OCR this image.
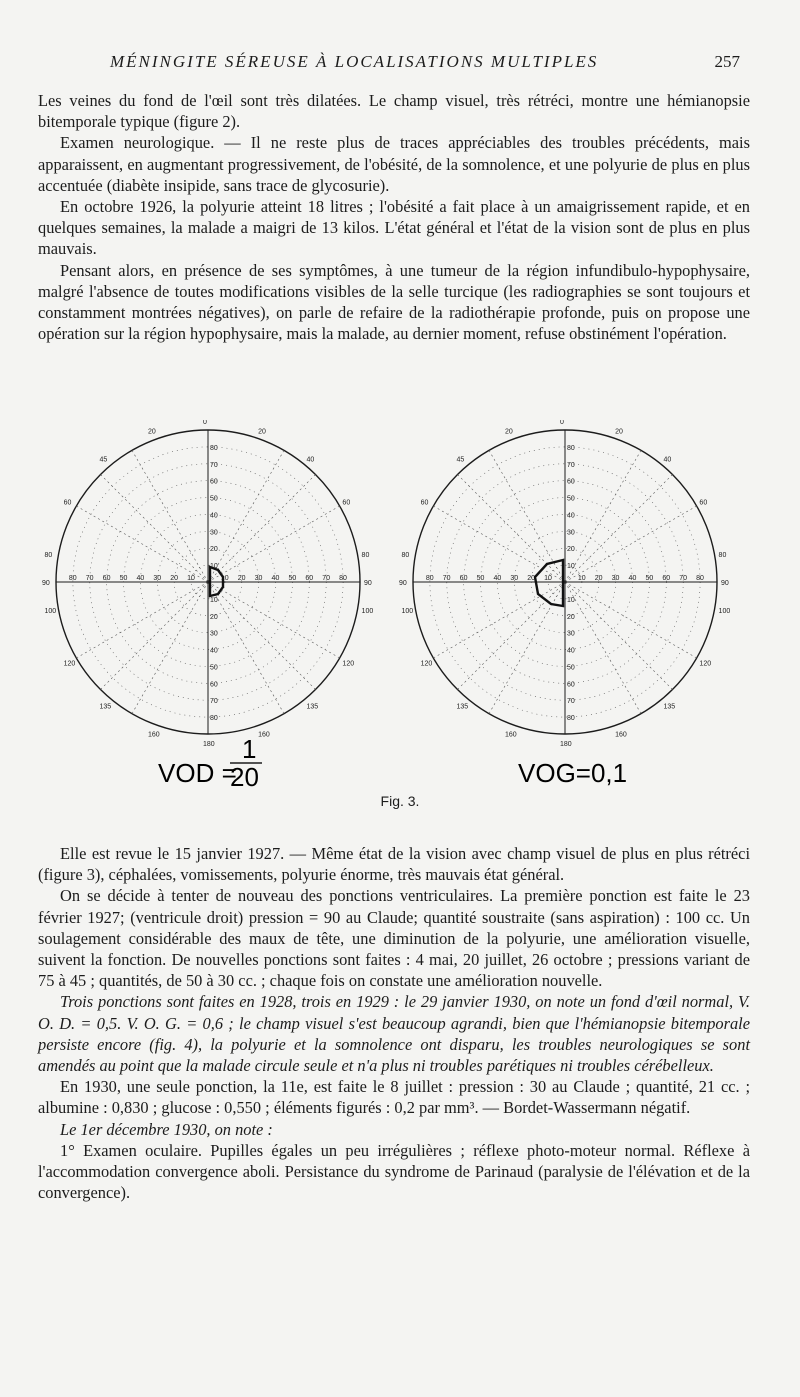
MÉNINGITE SÉREUSE À LOCALISATIONS MULTIPLES	257
Les veines du fond de l'œil sont très dilatées. Le champ visuel, très rétréci, montre une hémianopsie bitemporale typique (figure 2).
Examen neurologique. — Il ne reste plus de traces appréciables des troubles précédents, mais apparaissent, en augmentant progressivement, de l'obésité, de la somnolence, et une polyurie de plus en plus accentuée (diabète insipide, sans trace de glycosurie).
En octobre 1926, la polyurie atteint 18 litres ; l'obésité a fait place à un amaigrissement rapide, et en quelques semaines, la malade a maigri de 13 kilos. L'état général et l'état de la vision sont de plus en plus mauvais.
Pensant alors, en présence de ses symptômes, à une tumeur de la région infundibulo-hypophysaire, malgré l'absence de toutes modifications visibles de la selle turcique (les radiographies se sont toujours et constamment montrées négatives), on parle de refaire de la radiothérapie profonde, puis on propose une opération sur la région hypophysaire, mais la malade, au dernier moment, refuse obstinément l'opération.
10
10
10	10
20
20
20	20
30
30
30	30
40
40
40	40
50
50
50	50
60
60
60	60
70
70
70	70
80
80
80	80
0
20
40
60
80
90
100
120
135
160
180
160
135
120
100
90
80
60
45
20
10
10
10	10
20
20
20	20
30
30
30	30
40
40
40	40
50
50
50	50
60
60
60	60
70
70
70	70
80
80
80	80
0
20
40
60
80
90
100
120
135
160
180
160
135
120
100
90
80
60
45
20
VOD =
1
20	VOG=0,1
Fig. 3.
Elle est revue le 15 janvier 1927. — Même état de la vision avec champ visuel de plus en plus rétréci (figure 3), céphalées, vomissements, polyurie énorme, très mauvais état général.
On se décide à tenter de nouveau des ponctions ventriculaires. La première ponction est faite le 23 février 1927; (ventricule droit) pression = 90 au Claude; quantité soustraite (sans aspiration) : 100 cc. Un soulagement considérable des maux de tête, une diminution de la polyurie, une amélioration visuelle, suivent la fonction. De nouvelles ponctions sont faites : 4 mai, 20 juillet, 26 octobre ; pressions variant de 75 à 45 ; quantités, de 50 à 30 cc. ; chaque fois on constate une amélioration nouvelle.
Trois ponctions sont faites en 1928, trois en 1929 : le 29 janvier 1930, on note un fond d'œil normal, V. O. D. = 0,5. V. O. G. = 0,6 ; le champ visuel s'est beaucoup agrandi, bien que l'hémianopsie bitemporale persiste encore (fig. 4), la polyurie et la somnolence ont disparu, les troubles neurologiques se sont amendés au point que la malade circule seule et n'a plus ni troubles parétiques ni troubles cérébelleux.
En 1930, une seule ponction, la 11e, est faite le 8 juillet : pression : 30 au Claude ; quantité, 21 cc. ; albumine : 0,830 ; glucose : 0,550 ; éléments figurés : 0,2 par mm³. — Bordet-Wassermann négatif.
Le 1er décembre 1930, on note :
1° Examen oculaire. Pupilles égales un peu irrégulières ; réflexe photo-moteur normal. Réflexe à l'accommodation convergence aboli. Persistance du syndrome de Parinaud (paralysie de l'élévation et de la convergence).
